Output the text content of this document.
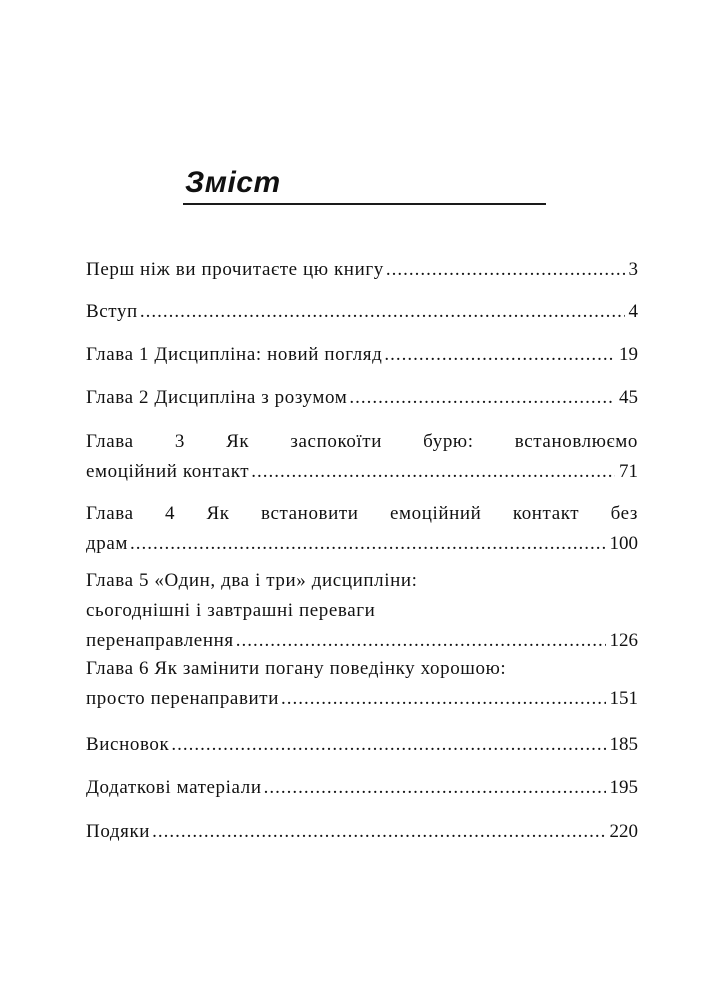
Зміст
Перш ніж ви прочитаєте цю книгу .....	3
Вступ .....	4
Глава 1 Дисципліна: новий погляд .....	19
Глава 2 Дисципліна з розумом .....	45
Глава 3 Як заспокоїти бурю: встановлюємо
емоційний контакт .....	71
Глава 4 Як встановити емоційний контакт без
драм .....	100
Глава 5 «Один, два і три» дисципліни:
сьогоднішні і завтрашні переваги
перенаправлення .....	126
Глава 6 Як замінити погану поведінку хорошою:
просто перенаправити .....	151
Висновок .....	185
Додаткові матеріали .....	195
Подяки .....	220
